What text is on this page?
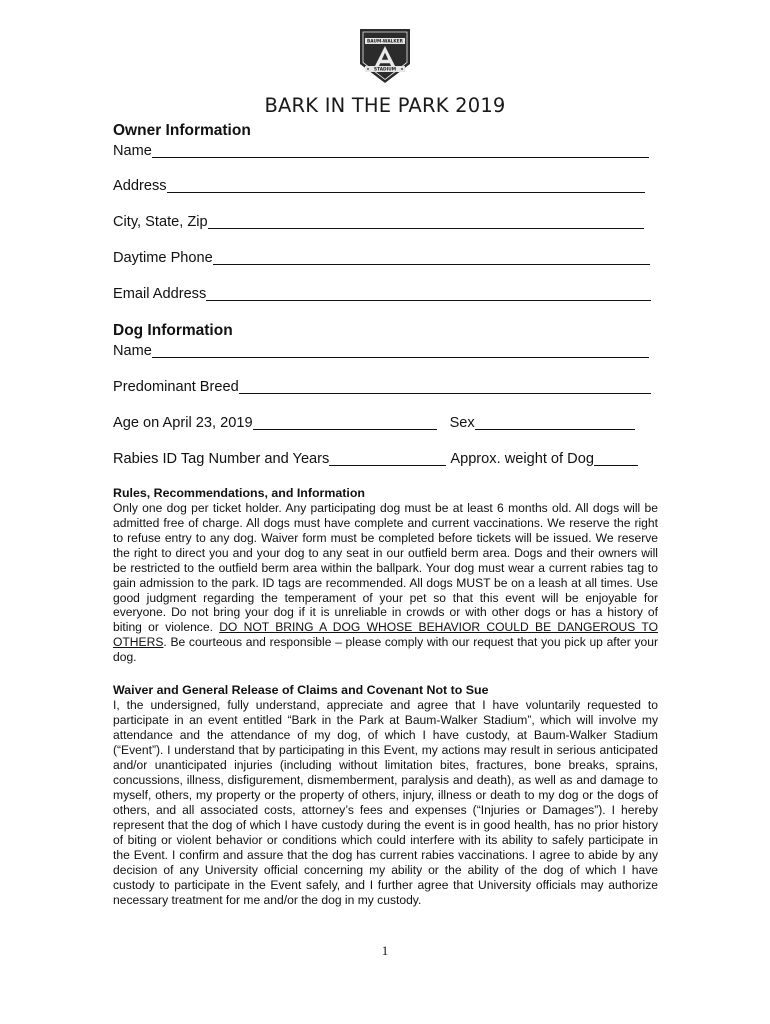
BAUM-WALKER
STADIUM
BARK IN THE PARK 2019
Owner Information
Name
Address
City, State, Zip
Daytime Phone
Email Address
Dog Information
Name
Predominant Breed
Age on April 23, 2019	Sex
Rabies ID Tag Number and Years	Approx. weight of Dog
Rules, Recommendations, and Information
Only one dog per ticket holder. Any participating dog must be at least 6 months old. All dogs will be admitted free of charge. All dogs must have complete and current vaccinations. We reserve the right to refuse entry to any dog. Waiver form must be completed before tickets will be issued. We reserve the right to direct you and your dog to any seat in our outfield berm area. Dogs and their owners will be restricted to the outfield berm area within the ballpark. Your dog must wear a current rabies tag to gain admission to the park. ID tags are recommended. All dogs MUST be on a leash at all times. Use good judgment regarding the temperament of your pet so that this event will be enjoyable for everyone. Do not bring your dog if it is unreliable in crowds or with other dogs or has a history of biting or violence. DO NOT BRING A DOG WHOSE BEHAVIOR COULD BE DANGEROUS TO OTHERS. Be courteous and responsible – please comply with our request that you pick up after your dog.
Waiver and General Release of Claims and Covenant Not to Sue
I, the undersigned, fully understand, appreciate and agree that I have voluntarily requested to participate in an event entitled “Bark in the Park at Baum-Walker Stadium”, which will involve my attendance and the attendance of my dog, of which I have custody, at Baum-Walker Stadium (“Event”). I understand that by participating in this Event, my actions may result in serious anticipated and/or unanticipated injuries (including without limitation bites, fractures, bone breaks, sprains, concussions, illness, disfigurement, dismemberment, paralysis and death), as well as and damage to myself, others, my property or the property of others, injury, illness or death to my dog or the dogs of others, and all associated costs, attorney’s fees and expenses (“Injuries or Damages”). I hereby represent that the dog of which I have custody during the event is in good health, has no prior history of biting or violent behavior or conditions which could interfere with its ability to safely participate in the Event. I confirm and assure that the dog has current rabies vaccinations. I agree to abide by any decision of any University official concerning my ability or the ability of the dog of which I have custody to participate in the Event safely, and I further agree that University officials may authorize necessary treatment for me and/or the dog in my custody.
1
